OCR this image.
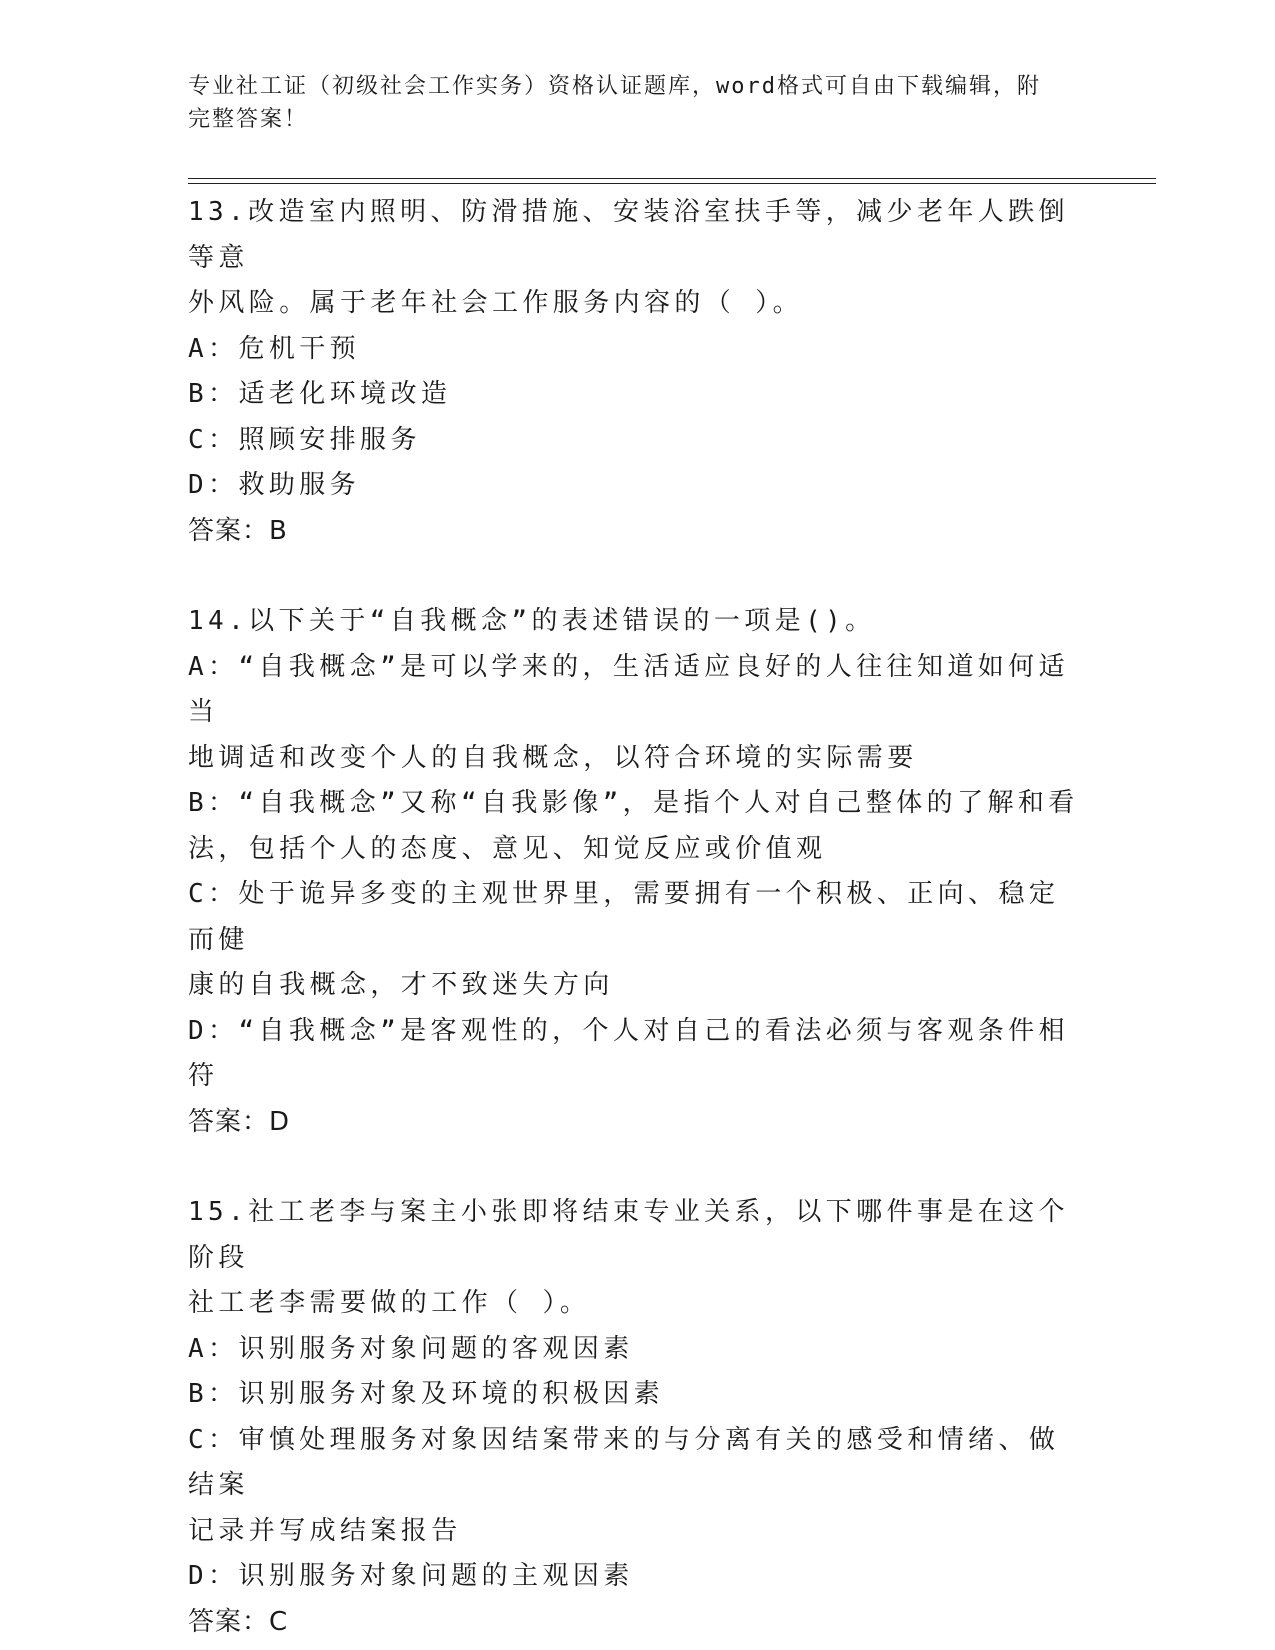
专业社工证（初级社会工作实务）资格认证题库，word格式可自由下载编辑，附
完整答案！
13.改造室内照明、防滑措施、安装浴室扶手等，减少老年人跌倒等意
外风险。属于老年社会工作服务内容的（ ）。
A：危机干预
B：适老化环境改造
C：照顾安排服务
D：救助服务
答案：B
14.以下关于“自我概念”的表述错误的一项是()。
A：“自我概念”是可以学来的，生活适应良好的人往往知道如何适当
地调适和改变个人的自我概念，以符合环境的实际需要
B：“自我概念”又称“自我影像”，是指个人对自己整体的了解和看
法，包括个人的态度、意见、知觉反应或价值观
C：处于诡异多变的主观世界里，需要拥有一个积极、正向、稳定而健
康的自我概念，才不致迷失方向
D：“自我概念”是客观性的，个人对自己的看法必须与客观条件相符
答案：D
15.社工老李与案主小张即将结束专业关系，以下哪件事是在这个阶段
社工老李需要做的工作（ ）。
A：识别服务对象问题的客观因素
B：识别服务对象及环境的积极因素
C：审慎处理服务对象因结案带来的与分离有关的感受和情绪、做结案
记录并写成结案报告
D：识别服务对象问题的主观因素
答案：C
